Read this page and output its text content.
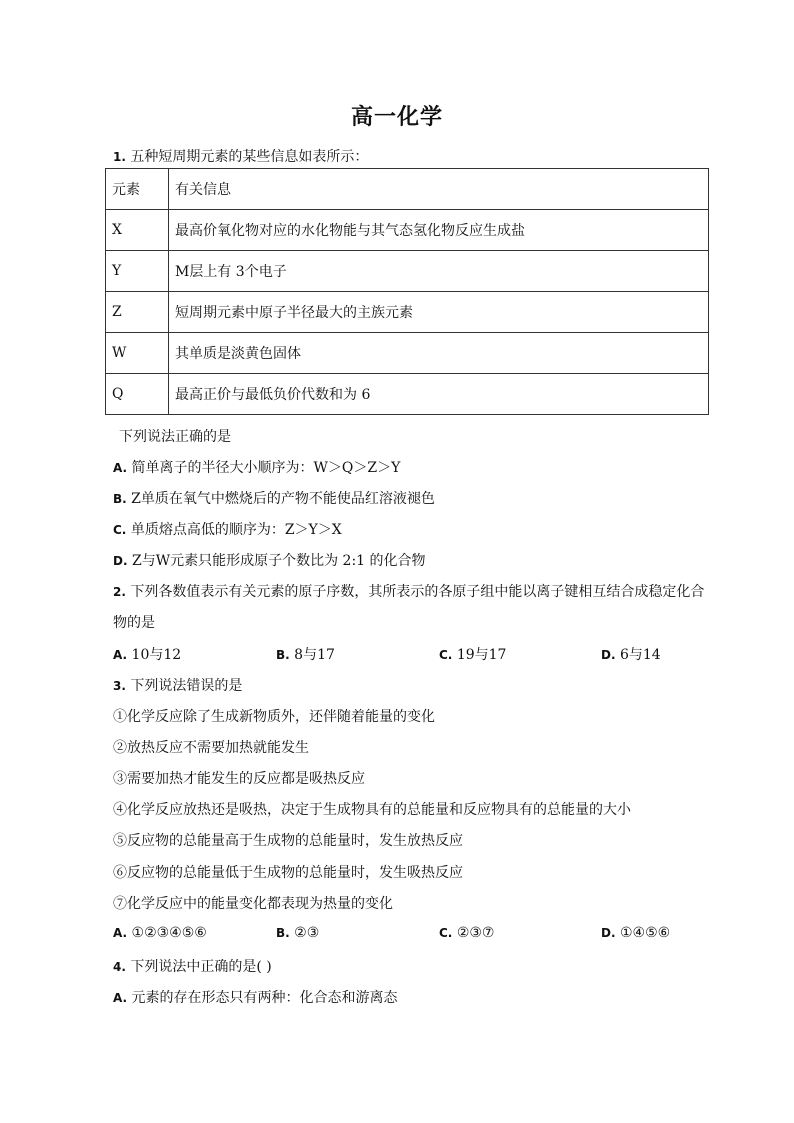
高一化学
1. 五种短周期元素的某些信息如表所示：
元素	有关信息
X	最高价氧化物对应的水化物能与其气态氢化物反应生成盐
Y	M层上有 3个电子
Z	短周期元素中原子半径最大的主族元素
W	其单质是淡黄色固体
Q	最高正价与最低负价代数和为 6
下列说法正确的是
A. 简单离子的半径大小顺序为：W＞Q＞Z＞Y
B. Z单质在氧气中燃烧后的产物不能使品红溶液褪色
C. 单质熔点高低的顺序为：Z＞Y＞X
D. Z与W元素只能形成原子个数比为 2:1 的化合物
2. 下列各数值表示有关元素的原子序数，其所表示的各原子组中能以离子键相互结合成稳定化合
物的是
A. 10与12	B. 8与17	C. 19与17	D. 6与14
3. 下列说法错误的是
①化学反应除了生成新物质外，还伴随着能量的变化
②放热反应不需要加热就能发生
③需要加热才能发生的反应都是吸热反应
④化学反应放热还是吸热，决定于生成物具有的总能量和反应物具有的总能量的大小
⑤反应物的总能量高于生成物的总能量时，发生放热反应
⑥反应物的总能量低于生成物的总能量时，发生吸热反应
⑦化学反应中的能量变化都表现为热量的变化
A. ①②③④⑤⑥	B. ②③	C. ②③⑦	D. ①④⑤⑥
4. 下列说法中正确的是( )
A. 元素的存在形态只有两种：化合态和游离态
